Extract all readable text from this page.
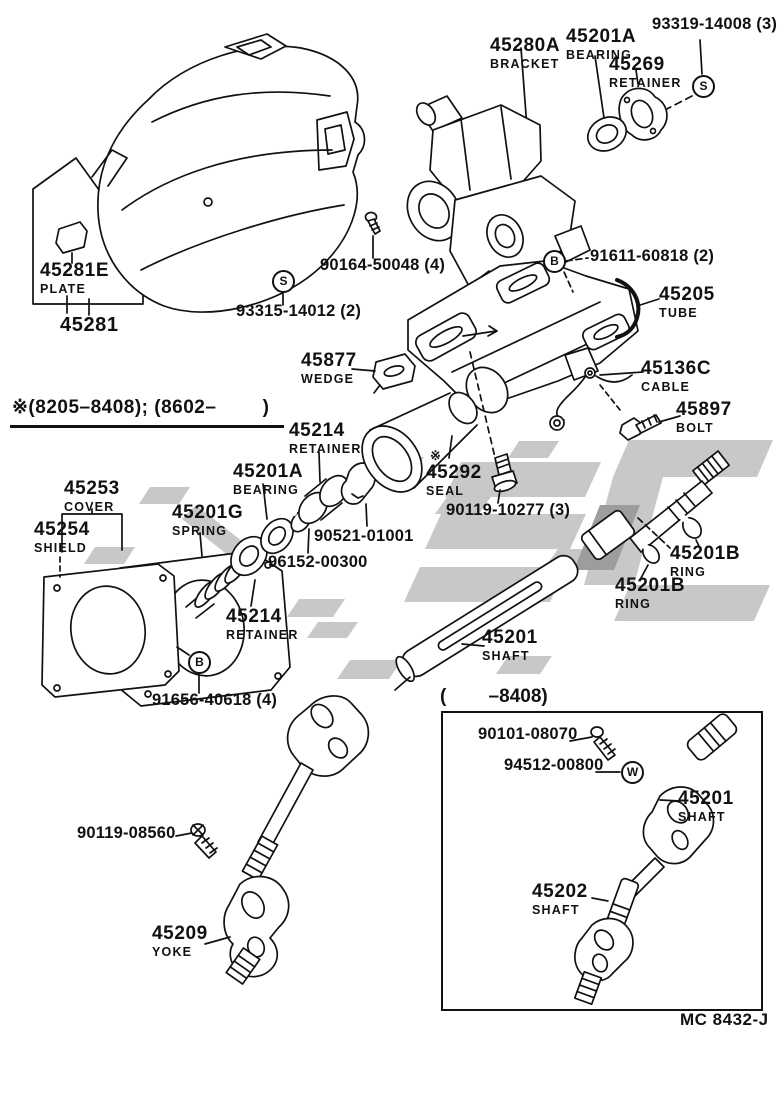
45280A
BRACKET
45201A
BEARING
93319-14008 (3)
45269
RETAINER
45281E
PLATE
45281
90164-50048 (4)
93315-14012 (2)
91611-60818 (2)
45205
TUBE
45877
WEDGE	45136C
CABLE
45897
BOLT
45214
RETAINER	※
45292
SEAL
90119-10277 (3)
45253
COVER
45254
SHIELD
45201G
SPRING
45201A
BEARING
90521-01001
96152-00300
45214
RETAINER
45201B
RING
45201B
RING
45201
SHAFT
91656-40618 (4)
90101-08070
94512-00800
45201
SHAFT
45202
SHAFT
90119-08560
45209
YOKE
S
S
B
B
W
※(8205–8408); (8602–        )
(        –8408)
MC 8432-J
